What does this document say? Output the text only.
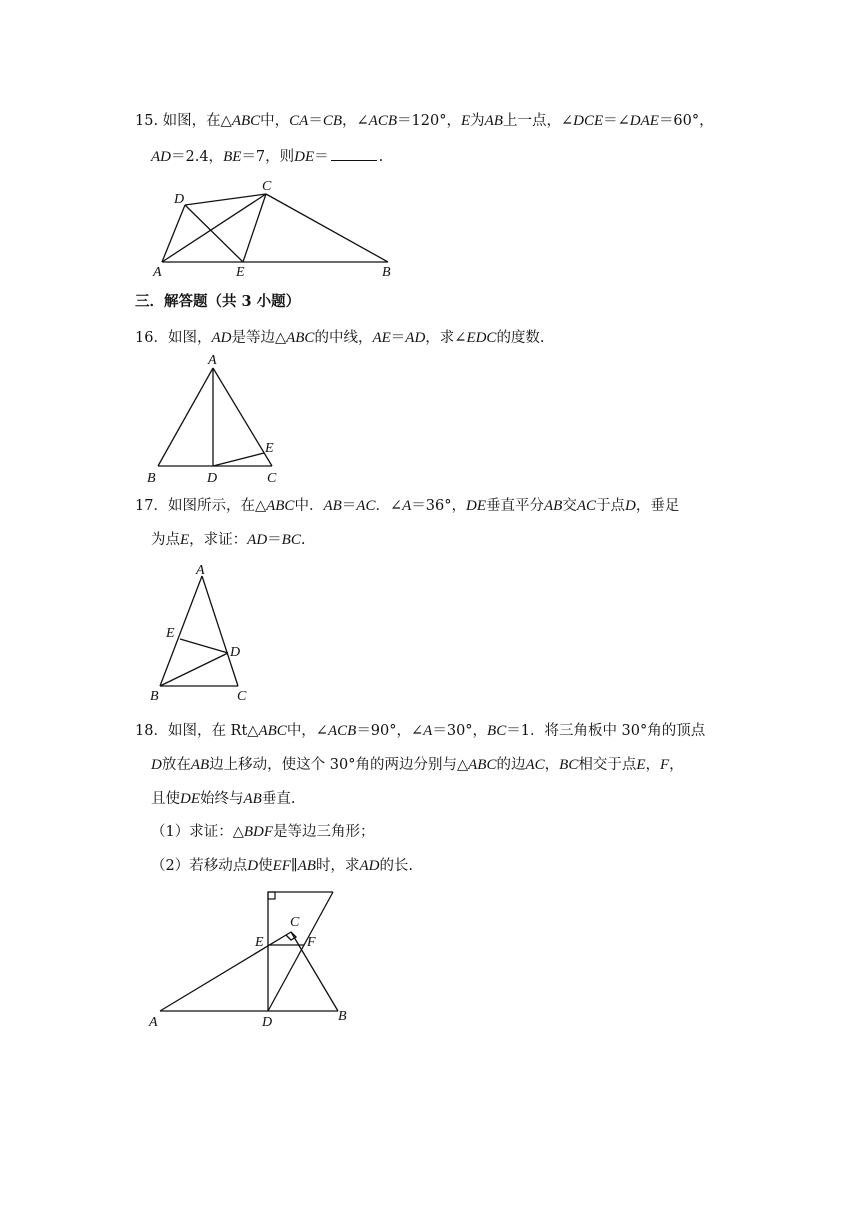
15. 如图，在△ABC中，CA＝CB，∠ACB＝120°，E为AB上一点，∠DCE＝∠DAE＝60°，
AD＝2.4，BE＝7，则DE＝	.
D
C
A	E	B
三．解答题（共 3 小题）
16．如图，AD是等边△ABC的中线，AE＝AD，求∠EDC的度数.
A
E
B	D	C
17．如图所示，在△ABC中．AB＝AC．∠A＝36°，DE垂直平分AB交AC于点D，垂足
为点E，求证：AD＝BC.
A
E
D
B	C
18．如图，在 Rt△ABC中，∠ACB＝90°，∠A＝30°，BC＝1．将三角板中 30°角的顶点
D放在AB边上移动，使这个 30°角的两边分别与△ABC的边AC，BC相交于点E，F，
且使DE始终与AB垂直.
（1）求证：△BDF是等边三角形；
（2）若移动点D使EF∥AB时，求AD的长.
C
E	F
A	D	B
